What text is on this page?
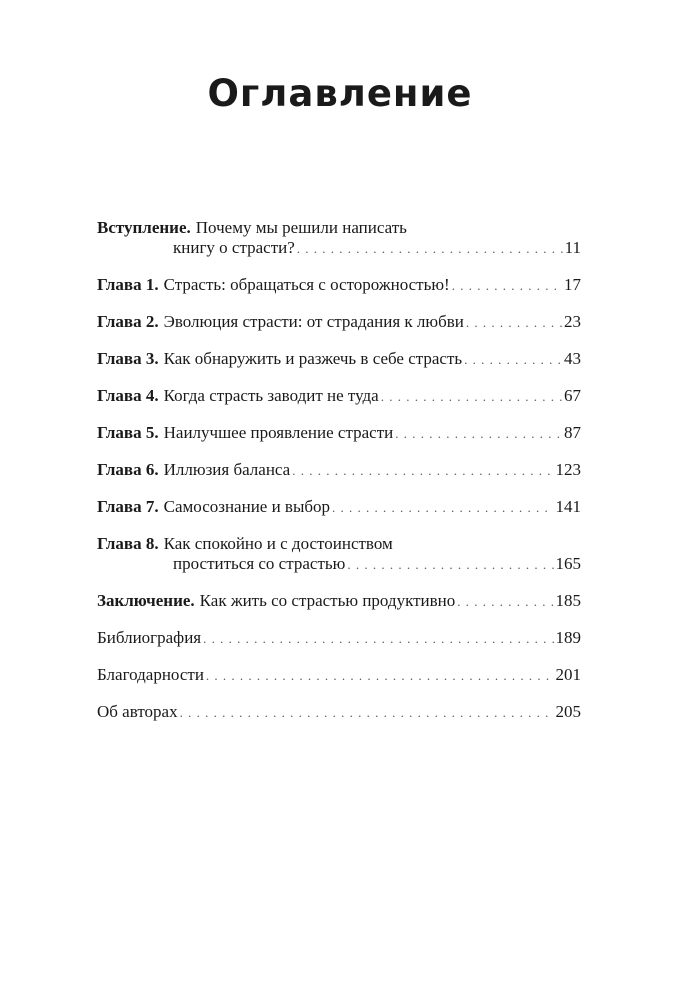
Оглавление
Вступление. Почему мы решили написать
книгу о страсти? . . .	11
Глава 1. Страсть: обращаться с осторожностью! . . .	17
Глава 2. Эволюция страсти: от страдания к любви . . .	23
Глава 3. Как обнаружить и разжечь в себе страсть . . .	43
Глава 4. Когда страсть заводит не туда . . .	67
Глава 5. Наилучшее проявление страсти . . .	87
Глава 6. Иллюзия баланса . . .	123
Глава 7. Самосознание и выбор . . .	141
Глава 8. Как спокойно и с достоинством
проститься со страстью . . .	165
Заключение. Как жить со страстью продуктивно . . .	185
Библиография . . .	189
Благодарности . . .	201
Об авторах . . .	205
